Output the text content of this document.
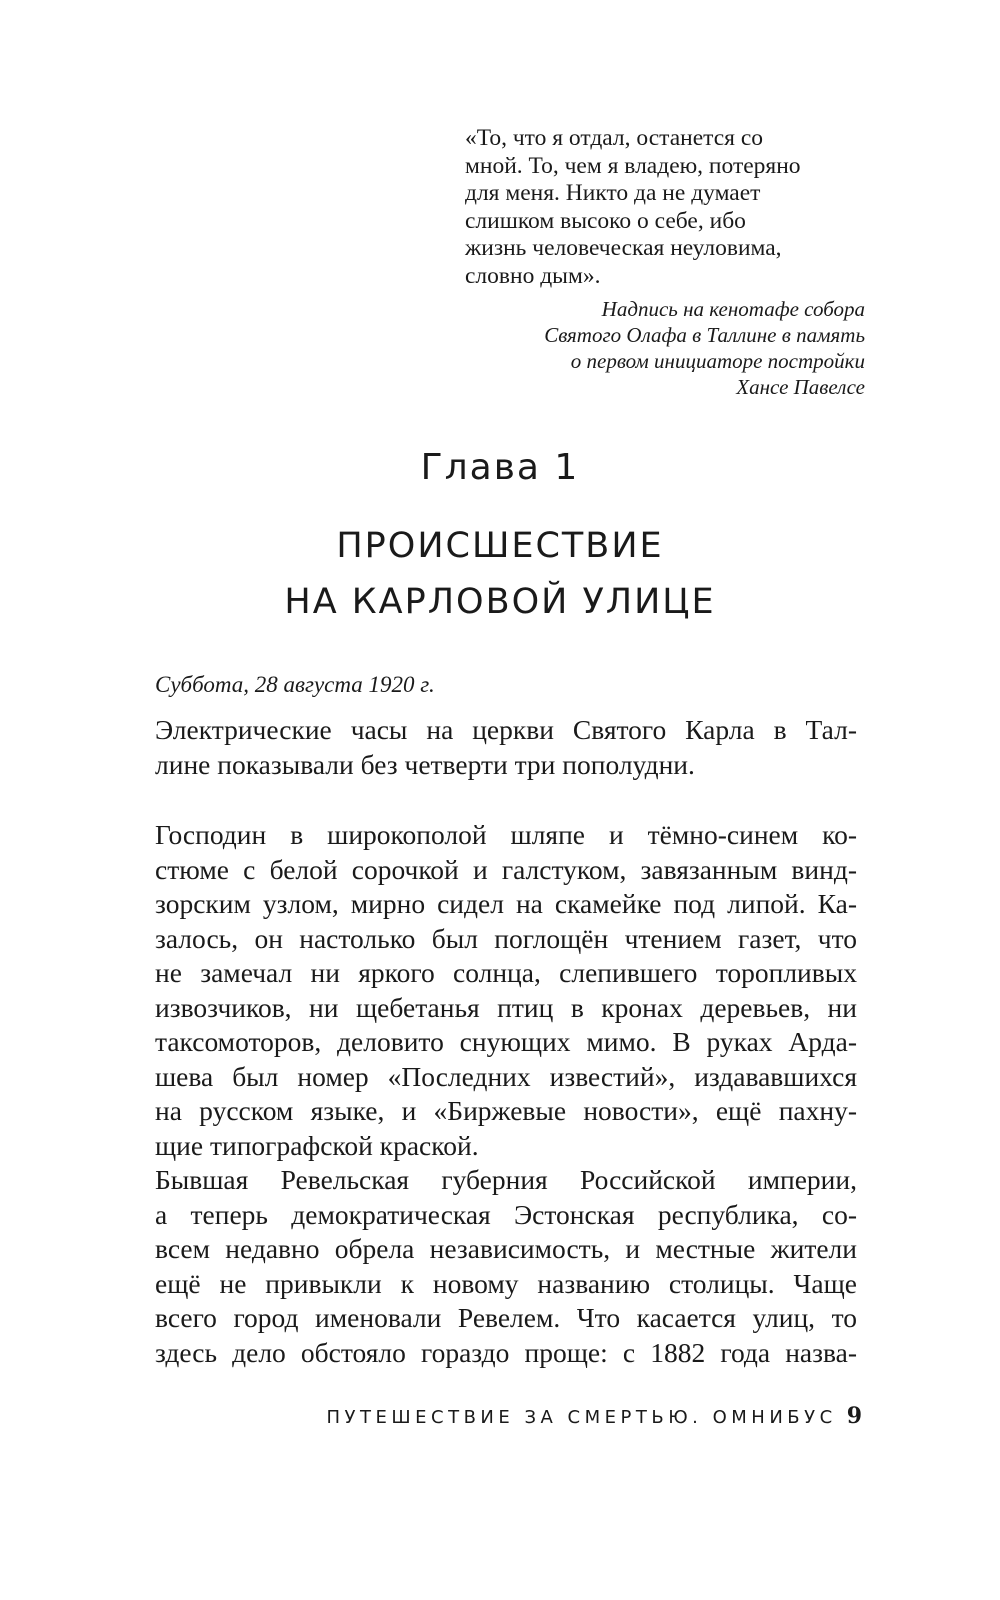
«То, что я отдал, останется со
мной. То, чем я владею, потеряно
для меня. Никто да не думает
слишком высоко о себе, ибо
жизнь человеческая неуловима,
словно дым».
Надпись на кенотафе собора
Святого Олафа в Таллине в память
о первом инициаторе постройки
Хансе Павелсе
Глава 1
ПРОИСШЕСТВИЕ
НА КАРЛОВОЙ УЛИЦЕ
Суббота, 28 августа 1920 г.
Электрические часы на церкви Святого Карла в Тал-
лине показывали без четверти три пополудни.
Господин в широкополой шляпе и тёмно-синем ко-
стюме с белой сорочкой и галстуком, завязанным винд-
зорским узлом, мирно сидел на скамейке под липой. Ка-
залось, он настолько был поглощён чтением газет, что
не замечал ни яркого солнца, слепившего торопливых
извозчиков, ни щебетанья птиц в кронах деревьев, ни
таксомоторов, деловито снующих мимо. В руках Арда-
шева был номер «Последних известий», издававшихся
на русском языке, и «Биржевые новости», ещё пахну-
щие типографской краской.
Бывшая Ревельская губерния Российской империи,
а теперь демократическая Эстонская республика, со-
всем недавно обрела независимость, и местные жители
ещё не привыкли к новому названию столицы. Чаще
всего город именовали Ревелем. Что касается улиц, то
здесь дело обстояло гораздо проще: с 1882 года назва-
ПУТЕШЕСТВИЕ ЗА СМЕРТЬЮ. ОМНИБУС 9
